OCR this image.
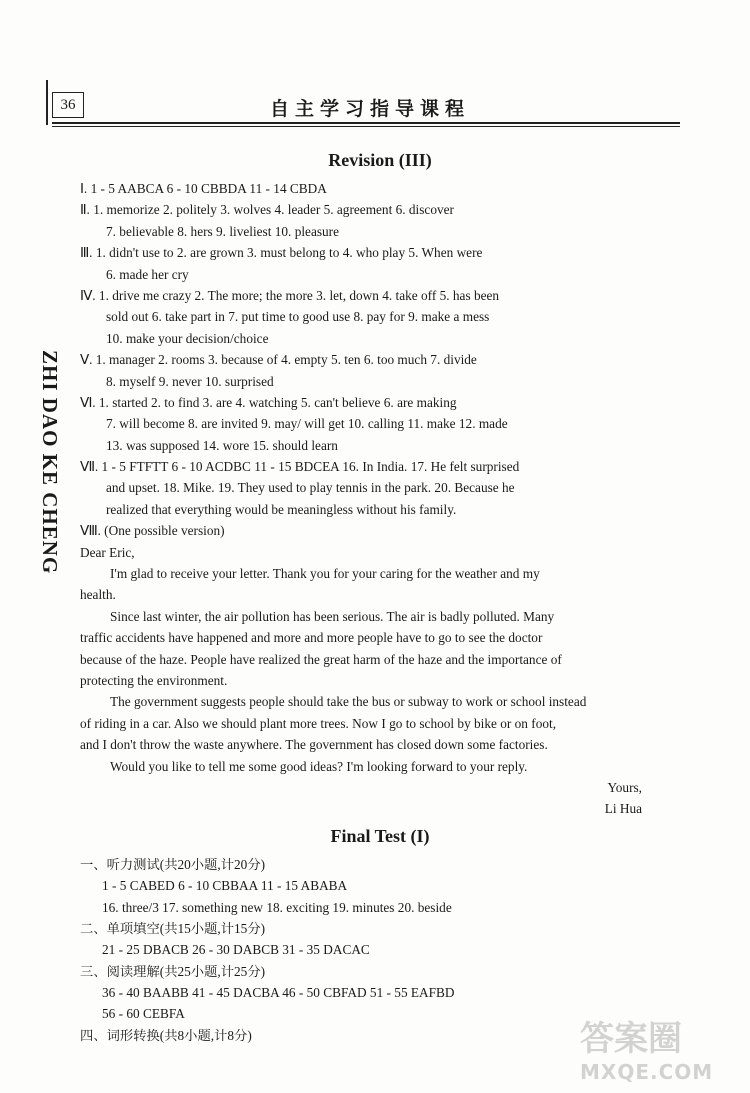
36	自主学习指导课程
ZHI DAO KE CHENG
Revision (III)
Ⅰ. 1 - 5 AABCA 6 - 10 CBBDA 11 - 14 CBDA
Ⅱ. 1. memorize 2. politely 3. wolves 4. leader 5. agreement 6. discover
7. believable 8. hers 9. liveliest 10. pleasure
Ⅲ. 1. didn't use to 2. are grown 3. must belong to 4. who play 5. When were
6. made her cry
Ⅳ. 1. drive me crazy 2. The more; the more 3. let, down 4. take off 5. has been
sold out 6. take part in 7. put time to good use 8. pay for 9. make a mess
10. make your decision/choice
Ⅴ. 1. manager 2. rooms 3. because of 4. empty 5. ten 6. too much 7. divide
8. myself 9. never 10. surprised
Ⅵ. 1. started 2. to find 3. are 4. watching 5. can't believe 6. are making
7. will become 8. are invited 9. may/ will get 10. calling 11. make 12. made
13. was supposed 14. wore 15. should learn
Ⅶ. 1 - 5 FTFTT 6 - 10 ACDBC 11 - 15 BDCEA 16. In India. 17. He felt surprised
and upset. 18. Mike. 19. They used to play tennis in the park. 20. Because he
realized that everything would be meaningless without his family.
Ⅷ. (One possible version)
Dear Eric,
I'm glad to receive your letter. Thank you for your caring for the weather and my
health.
Since last winter, the air pollution has been serious. The air is badly polluted. Many
traffic accidents have happened and more and more people have to go to see the doctor
because of the haze. People have realized the great harm of the haze and the importance of
protecting the environment.
The government suggests people should take the bus or subway to work or school instead
of riding in a car. Also we should plant more trees. Now I go to school by bike or on foot,
and I don't throw the waste anywhere. The government has closed down some factories.
Would you like to tell me some good ideas? I'm looking forward to your reply.
Yours,
Li Hua
Final Test (I)
一、听力测试(共20小题,计20分)
1 - 5 CABED 6 - 10 CBBAA 11 - 15 ABABA
16. three/3 17. something new 18. exciting 19. minutes 20. beside
二、单项填空(共15小题,计15分)
21 - 25 DBACB 26 - 30 DABCB 31 - 35 DACAC
三、阅读理解(共25小题,计25分)
36 - 40 BAABB 41 - 45 DACBA 46 - 50 CBFAD 51 - 55 EAFBD
56 - 60 CEBFA
四、词形转换(共8小题,计8分)	答案圈
MXQE.COM
